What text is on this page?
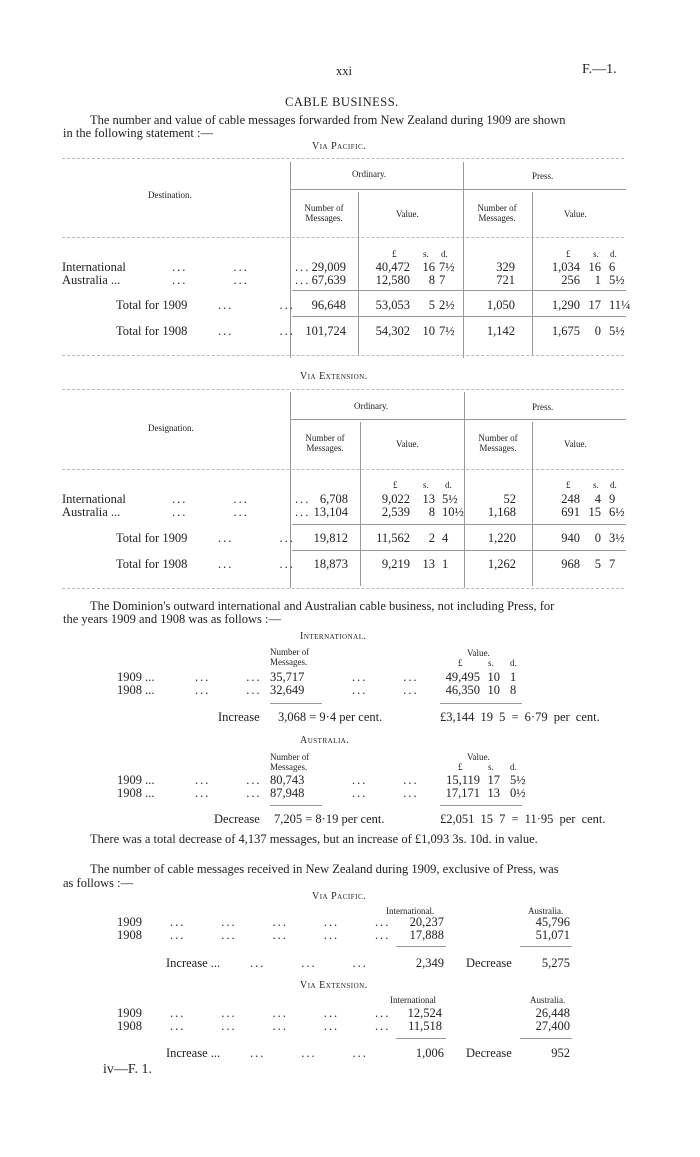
xxi	F.—1.
CABLE BUSINESS.
The number and value of cable messages forwarded from New Zealand during 1909 are shown
in the following statement :—
Via Pacific.
Ordinary.	Press.
Destination.
Number of
Messages.	Value.
Number of
Messages.	Value.
£	s. d.	£	s. d.
International	...         ...         ... 29,009	40,472	16 7½	329	1,034 16 6
Australia ...	...         ...         ... 67,639	12,580	8 7	721	256	1 5½
Total for 1909 ...         ...	96,648	53,053	5 2½	1,050	1,290 17 11¼
Total for 1908 ...         ... 101,724	54,302	10 7½	1,142	1,675	0 5½
Via Extension.
Ordinary.	Press.
Designation.
Number of
Messages.	Value.
Number of
Messages.	Value.
£	s. d.	£	s. d.
International	...         ...         ... 6,708	9,022	13 5½	52	248	4 9
Australia ...	...         ...         ... 13,104	2,539	8 10½	1,168	691 15 6½
Total for 1909 ...         ...	19,812	11,562	2 4	1,220	940	0 3½
Total for 1908 ...         ...	18,873	9,219	13 1	1,262	968	5 7
The Dominion's outward international and Australian cable business, not including Press, for
the years 1909 and 1908 was as follows :—
International.
Number of
Messages.
Value.
£	s. d.
1909 ...	...       ... 35,717	...       ...	49,495 10 1
1908 ...	...       ... 32,649	...       ...	46,350 10 8
Increase 3,068 = 9·4 per cent.	£3,144 19 5 = 6·79 per cent.
Australia.
Number of
Messages.
Value.
£	s. d.
1909 ...	...       ... 80,743	...       ...	15,119 17 5½
1908 ...	...       ... 87,948	...       ...	17,171 13 0½
Decrease 7,205 = 8·19 per cent.	£2,051 15 7 = 11·95 per cent.
There was a total decrease of 4,137 messages, but an increase of £1,093 3s. 10d. in value.
The number of cable messages received in New Zealand during 1909, exclusive of Press, was
as follows :—
Via Pacific.
International.	Australia.
1909 ...       ...       ...       ...       ...	20,237	45,796
1908 ...       ...       ...       ...       ...	17,888	51,071
Increase ... ...       ...       ...	2,349 Decrease	5,275
Via Extension.
International	Australia.
1909 ...       ...       ...       ...       ...	12,524	26,448
1908 ...       ...       ...       ...       ...	11,518	27,400
Increase ... ...       ...       ...	1,006 Decrease	952
iv—F. 1.
